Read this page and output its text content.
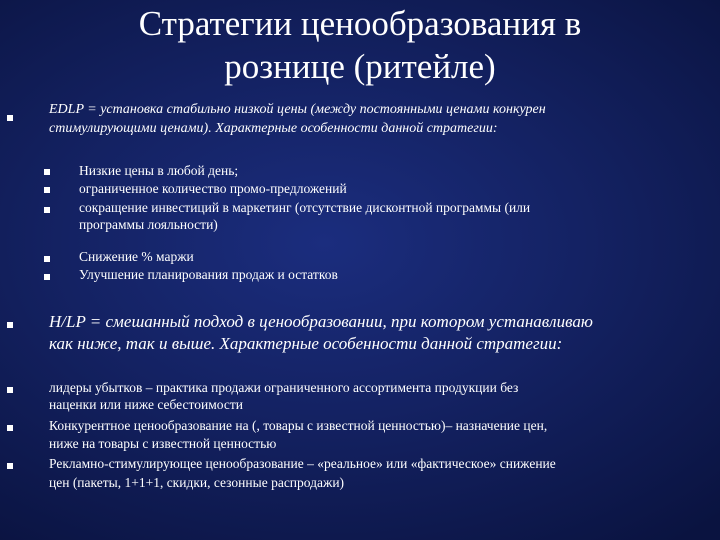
Стратегии ценообразования в
рознице (ритейле)
EDLP = установка стабильно низкой цены (между постоянными ценами конкурен
стимулирующими ценами). Характерные особенности данной стратегии:
Низкие цены в любой день;
ограниченное количество промо-предложений
сокращение инвестиций в маркетинг (отсутствие дисконтной программы (или
программы лояльности)
Снижение % маржи
Улучшение планирования продаж и остатков
H/LP = смешанный подход в ценообразовании, при котором устанавливаю
как ниже, так и выше. Характерные особенности данной стратегии:
лидеры убытков – практика продажи ограниченного ассортимента продукции без
наценки или ниже себестоимости
Конкурентное ценообразование на (, товары с известной ценностью)– назначение цен,
ниже на товары с известной ценностью
Рекламно-стимулирующее ценообразование – «реальное» или «фактическое» снижение
цен (пакеты, 1+1+1, скидки, сезонные распродажи)
